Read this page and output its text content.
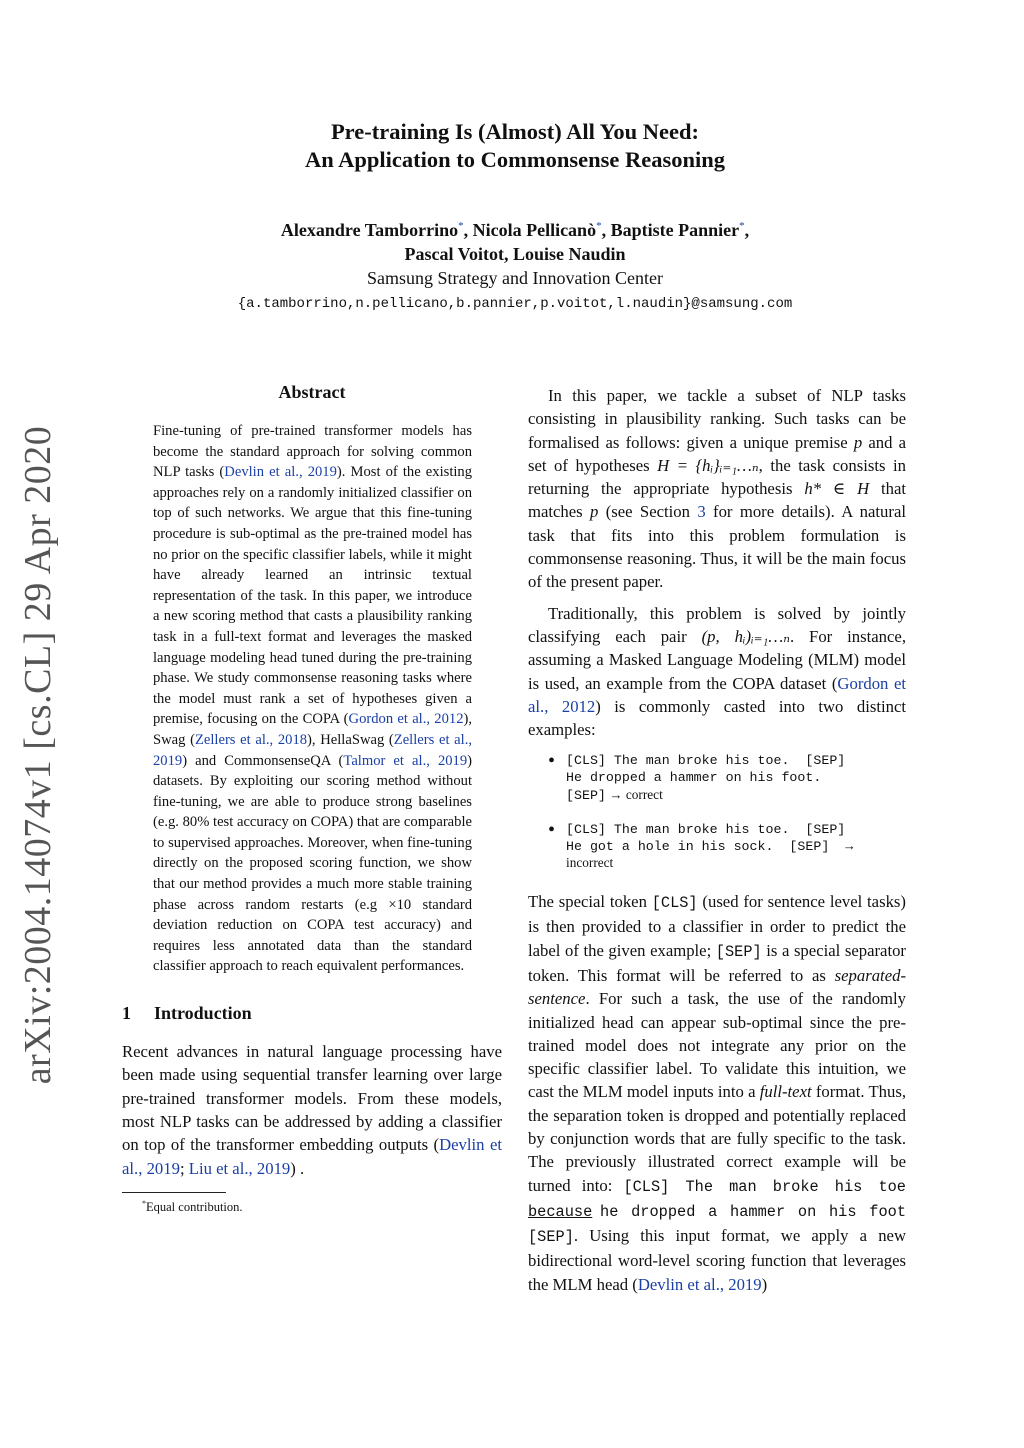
arXiv:2004.14074v1 [cs.CL] 29 Apr 2020
Pre-training Is (Almost) All You Need:
An Application to Commonsense Reasoning
Alexandre Tamborrino*, Nicola Pellicanò*, Baptiste Pannier*,
Pascal Voitot, Louise Naudin
Samsung Strategy and Innovation Center
{a.tamborrino,n.pellicano,b.pannier,p.voitot,l.naudin}@samsung.com
Abstract
Fine-tuning of pre-trained transformer models has become the standard approach for solving common NLP tasks (Devlin et al., 2019). Most of the existing approaches rely on a randomly initialized classifier on top of such networks. We argue that this fine-tuning procedure is sub-optimal as the pre-trained model has no prior on the specific classifier labels, while it might have already learned an intrinsic textual representation of the task. In this paper, we introduce a new scoring method that casts a plausibility ranking task in a full-text format and leverages the masked language modeling head tuned during the pre-training phase. We study commonsense reasoning tasks where the model must rank a set of hypotheses given a premise, focusing on the COPA (Gordon et al., 2012), Swag (Zellers et al., 2018), HellaSwag (Zellers et al., 2019) and CommonsenseQA (Talmor et al., 2019) datasets. By exploiting our scoring method without fine-tuning, we are able to produce strong baselines (e.g. 80% test accuracy on COPA) that are comparable to supervised approaches. Moreover, when fine-tuning directly on the proposed scoring function, we show that our method provides a much more stable training phase across random restarts (e.g ×10 standard deviation reduction on COPA test accuracy) and requires less annotated data than the standard classifier approach to reach equivalent performances.
1 Introduction

Recent advances in natural language processing have been made using sequential transfer learning over large pre-trained transformer models. From these models, most NLP tasks can be addressed by adding a classifier on top of the transformer embedding outputs (Devlin et al., 2019; Liu et al., 2019) .

*Equal contribution.

In this paper, we tackle a subset of NLP tasks consisting in plausibility ranking. Such tasks can be formalised as follows: given a unique premise p and a set of hypotheses H = {hᵢ}ᵢ₌₁…ₙ, the task consists in returning the appropriate hypothesis h* ∈ H that matches p (see Section 3 for more details). A natural task that fits into this problem formulation is commonsense reasoning. Thus, it will be the main focus of the present paper.

Traditionally, this problem is solved by jointly classifying each pair (p, hᵢ)ᵢ₌₁…ₙ. For instance, assuming a Masked Language Modeling (MLM) model is used, an example from the COPA dataset (Gordon et al., 2012) is commonly casted into two distinct examples:

• [CLS] The man broke his toe.  [SEP]
He dropped a hammer on his foot.
[SEP] → correct
• [CLS] The man broke his toe.  [SEP]
He got a hole in his sock.  [SEP]  →
incorrect

The special token [CLS] (used for sentence level tasks) is then provided to a classifier in order to predict the label of the given example; [SEP] is a special separator token. This format will be referred to as separated-sentence. For such a task, the use of the randomly initialized head can appear sub-optimal since the pre-trained model does not integrate any prior on the specific classifier label. To validate this intuition, we cast the MLM model inputs into a full-text format. Thus, the separation token is dropped and potentially replaced by conjunction words that are fully specific to the task. The previously illustrated correct example will be turned into: [CLS] The man broke his toe because he dropped a hammer on his foot [SEP]. Using this input format, we apply a new bidirectional word-level scoring function that leverages the MLM head (Devlin et al., 2019)
